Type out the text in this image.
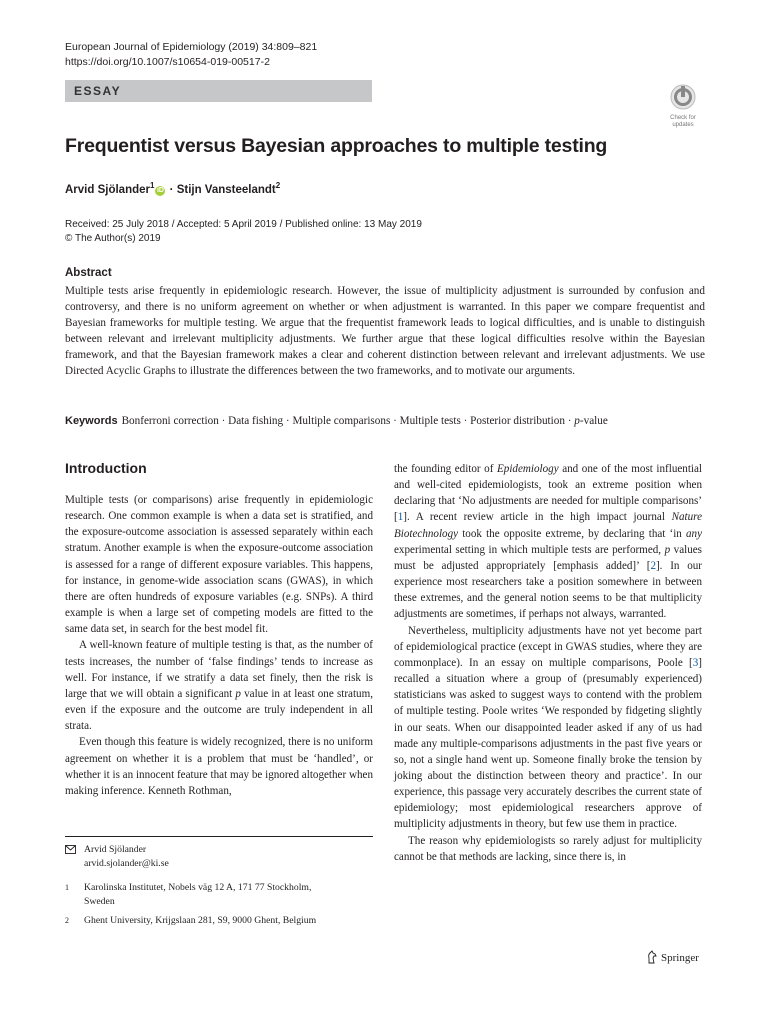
European Journal of Epidemiology (2019) 34:809–821
https://doi.org/10.1007/s10654-019-00517-2
ESSAY
Check for
updates
Frequentist versus Bayesian approaches to multiple testing
Arvid Sjölander$^1$iD · Stijn Vansteelandt$^2$
Received: 25 July 2018 / Accepted: 5 April 2019 / Published online: 13 May 2019
© The Author(s) 2019
Abstract
Multiple tests arise frequently in epidemiologic research. However, the issue of multiplicity adjustment is surrounded by confusion and controversy, and there is no uniform agreement on whether or when adjustment is warranted. In this paper we compare frequentist and Bayesian frameworks for multiple testing. We argue that the frequentist framework leads to logical difficulties, and is unable to distinguish between relevant and irrelevant multiplicity adjustments. We further argue that these logical difficulties resolve within the Bayesian framework, and that the Bayesian framework makes a clear and coherent distinction between relevant and irrelevant adjustments. We use Directed Acyclic Graphs to illustrate the differences between the two frameworks, and to motivate our arguments.
Keywords Bonferroni correction · Data fishing · Multiple comparisons · Multiple tests · Posterior distribution · p-value
Introduction

Multiple tests (or comparisons) arise frequently in epidemiologic research. One common example is when a data set is stratified, and the exposure-outcome association is assessed separately within each stratum. Another example is when the exposure-outcome association is assessed for a range of different exposure variables. This happens, for instance, in genome-wide association scans (GWAS), in which there are often hundreds of exposure variables (e.g. SNPs). A third example is when a large set of competing models are fitted to the same data set, in search for the best model fit.

A well-known feature of multiple testing is that, as the number of tests increases, the number of ‘false findings’ tends to increase as well. For instance, if we stratify a data set finely, then the risk is large that we will obtain a significant p value in at least one stratum, even if the exposure and the outcome are truly independent in all strata.

Even though this feature is widely recognized, there is no uniform agreement on whether it is a problem that must be ‘handled’, or whether it is an innocent feature that may be ignored altogether when making inference. Kenneth Rothman,

the founding editor of Epidemiology and one of the most influential and well-cited epidemiologists, took an extreme position when declaring that ‘No adjustments are needed for multiple comparisons’ [1]. A recent review article in the high impact journal Nature Biotechnology took the opposite extreme, by declaring that ‘in any experimental setting in which multiple tests are performed, p values must be adjusted appropriately [emphasis added]’ [2]. In our experience most researchers take a position somewhere in between these extremes, and the general notion seems to be that multiplicity adjustments are sometimes, if perhaps not always, warranted.

Nevertheless, multiplicity adjustments have not yet become part of epidemiological practice (except in GWAS studies, where they are commonplace). In an essay on multiple comparisons, Poole [3] recalled a situation where a group of (presumably experienced) statisticians was asked to suggest ways to contend with the problem of multiple testing. Poole writes ‘We responded by fidgeting slightly in our seats. When our disappointed leader asked if any of us had made any multiple-comparisons adjustments in the past five years or so, not a single hand went up. Someone finally broke the tension by joking about the distinction between theory and practice’. In our experience, this passage very accurately describes the current state of epidemiology; most epidemiological researchers approve of multiplicity adjustments in theory, but few use them in practice.

The reason why epidemiologists so rarely adjust for multiplicity cannot be that methods are lacking, since there is, in

Arvid Sjölander
arvid.sjolander@ki.se
1 Karolinska Institutet, Nobels väg 12 A, 171 77 Stockholm,
Sweden
2 Ghent University, Krijgslaan 281, S9, 9000 Ghent, Belgium
Springer
